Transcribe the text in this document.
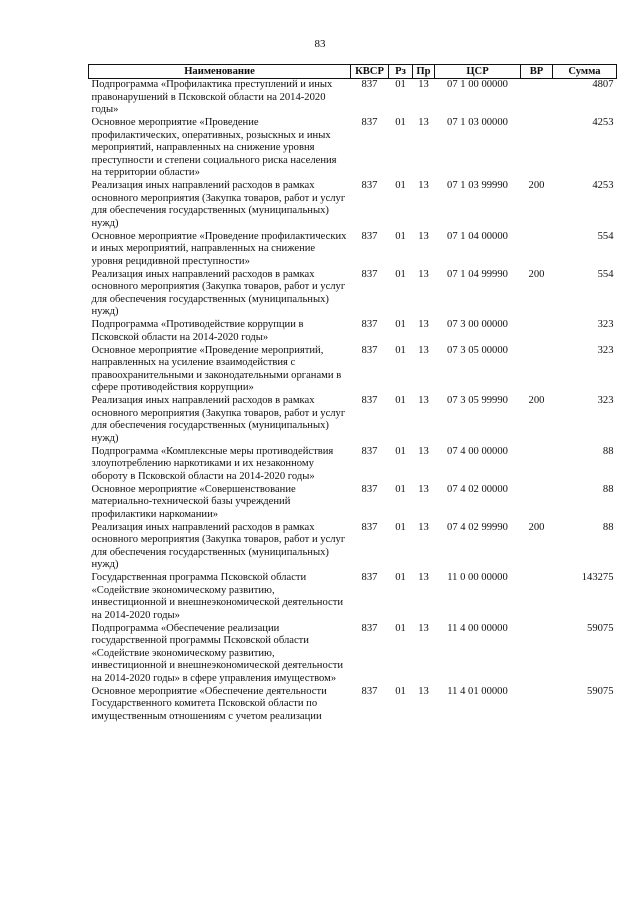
83
Наименование	КВСР	Рз	Пр	ЦСР	ВР	Сумма
Подпрограмма «Профилактика преступлений и иных правонарушений в Псковской области на 2014-2020 годы»	837	01	13	07 1 00 00000		4807
Основное мероприятие «Проведение профилактических, оперативных, розыскных и иных мероприятий, направленных на снижение уровня преступности и степени социального риска населения на территории области»	837	01	13	07 1 03 00000		4253
Реализация иных направлений расходов в рамках основного мероприятия (Закупка товаров, работ и услуг для обеспечения государственных (муниципальных) нужд)	837	01	13	07 1 03 99990	200	4253
Основное мероприятие «Проведение профилактических и иных мероприятий, направленных на снижение уровня рецидивной преступности»	837	01	13	07 1 04 00000		554
Реализация иных направлений расходов в рамках основного мероприятия (Закупка товаров, работ и услуг для обеспечения государственных (муниципальных) нужд)	837	01	13	07 1 04 99990	200	554
Подпрограмма «Противодействие коррупции в Псковской области на 2014-2020 годы»	837	01	13	07 3 00 00000		323
Основное мероприятие «Проведение мероприятий, направленных на усиление взаимодействия с правоохранительными и законодательными органами в сфере противодействия коррупции»	837	01	13	07 3 05 00000		323
Реализация иных направлений расходов в рамках основного мероприятия (Закупка товаров, работ и услуг для обеспечения государственных (муниципальных) нужд)	837	01	13	07 3 05 99990	200	323
Подпрограмма «Комплексные меры противодействия злоупотреблению наркотиками и их незаконному обороту в Псковской области на 2014-2020 годы»	837	01	13	07 4 00 00000		88
Основное мероприятие «Совершенствование материально-технической базы учреждений профилактики наркомании»	837	01	13	07 4 02 00000		88
Реализация иных направлений расходов в рамках основного мероприятия (Закупка товаров, работ и услуг для обеспечения государственных (муниципальных) нужд)	837	01	13	07 4 02 99990	200	88
Государственная программа Псковской области «Содействие экономическому развитию, инвестиционной и внешнеэкономической деятельности на 2014-2020 годы»	837	01	13	11 0 00 00000		143275
Подпрограмма «Обеспечение реализации государственной программы Псковской области «Содействие экономическому развитию, инвестиционной и внешнеэкономической деятельности на 2014-2020 годы» в сфере управления имуществом»	837	01	13	11 4 00 00000		59075
Основное мероприятие «Обеспечение деятельности Государственного комитета Псковской области по имущественным отношениям с учетом реализации	837	01	13	11 4 01 00000		59075
